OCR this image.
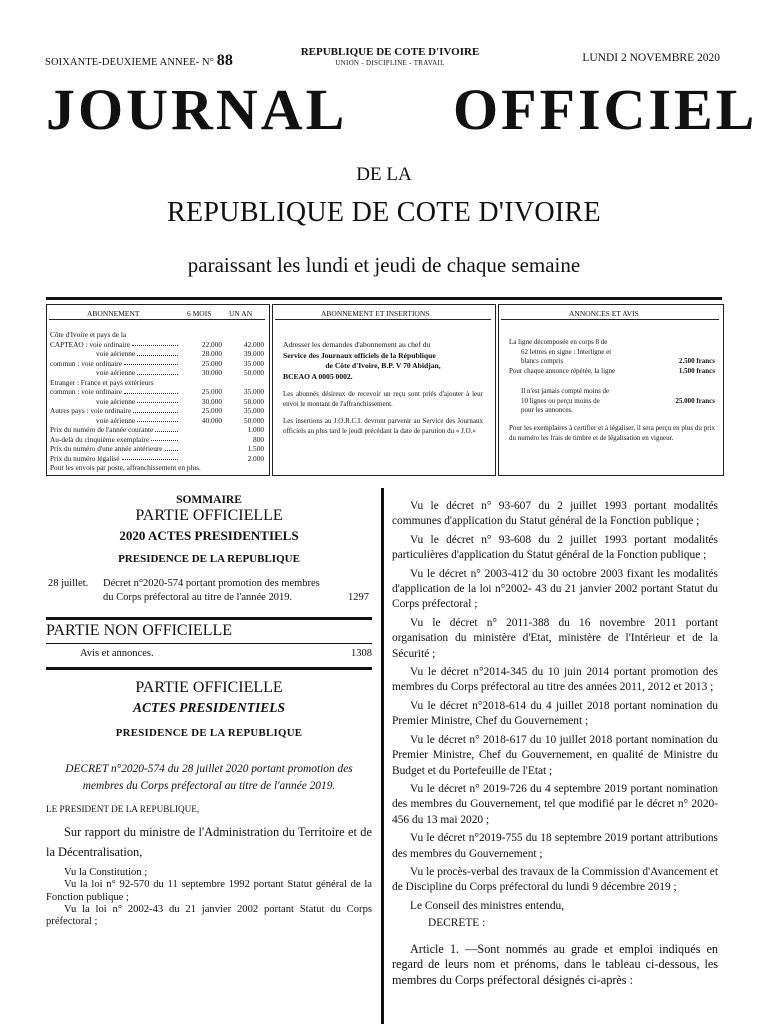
SOIXANTE-DEUXIEME ANNEE- N° 88	REPUBLIQUE DE COTE D'IVOIRE
UNION - DISCIPLINE - TRAVAIL	LUNDI 2 NOVEMBRE 2020
JOURNAL OFFICIEL
DE LA
REPUBLIQUE DE COTE D'IVOIRE
paraissant les lundi et jeudi de chaque semaine
ABONNEMENT	6 MOIS UN AN
Côte d'Ivoire et pays de la
CAPTEAO : voie ordinaire	22.000	42.000
voie aérienne	28.000	39.000
commun : voie ordinaire	25.000	35.000
voie aérienne	30.000	50.000
Etranger : France et pays extérieurs
commun : voie ordinaire	25.000	35.000
voie aérienne	30.000	50.000
Autres pays : voie ordinaire	25.000	35.000
voie aérienne	40.000	50.000
Prix du numéro de l'année courante	1.000
Au-delà du cinquième exemplaire	800
Prix du numéro d'une année antérieure	1.500
Prix du numéro légalisé	2.000
Pour les envois par poste, affranchissement en plus.
ABONNEMENT ET INSERTIONS
Adresser les demandes d'abonnement au chef du
Service des Journaux officiels de la République
de Côte d'Ivoire, B.P. V 70 Abidjan,
BCEAO A 0005 0002.
Les abonnés désireux de recevoir un reçu sont priés d'ajouter à leur envoi le montant de l'affranchissement.
Les insertions au J.O.R.C.I. devront parvenir au Service des Journaux officiels au plus tard le jeudi précédant la date de parution du « J.O.»
ANNONCES ET AVIS
La ligne décomposée en corps 8 de
62 lettres en signe : Interligne et
blancs compris	2.500 francs
Pour chaque annonce répétée, la ligne	1.500 francs
Il n'est jamais compté moins de
10 lignes ou perçu moins de	25.000 francs
pour les annonces.
Pour les exemplaires à certifier et à légaliser, il sera perçu en plus du prix du numéro les frais de timbre et de légalisation en vigueur.
SOMMAIRE
PARTIE OFFICIELLE
2020 ACTES PRESIDENTIELS
PRESIDENCE DE LA REPUBLIQUE
28 juillet. Décret n°2020-574 portant promotion des membres
du Corps préfectoral au titre de l'année 2019.	1297
PARTIE NON OFFICIELLE
Avis et annonces.	1308
PARTIE OFFICIELLE
ACTES PRESIDENTIELS
PRESIDENCE DE LA REPUBLIQUE
DECRET n°2020-574 du 28 juillet 2020 portant promotion des membres du Corps préfectoral au titre de l'année 2019.
LE PRESIDENT DE LA REPUBLIQUE,
Sur rapport du ministre de l'Administration du Territoire et de la Décentralisation,
Vu la Constitution ;
Vu la loi n° 92-570 du 11 septembre 1992 portant Statut général de la Fonction publique ;
Vu la loi n° 2002-43 du 21 janvier 2002 portant Statut du Corps préfectoral ;
Vu le décret n° 93-607 du 2 juillet 1993 portant modalités communes d'application du Statut général de la Fonction publique ;
Vu le décret n° 93-608 du 2 juillet 1993 portant modalités particulières d'application du Statut général de la Fonction publique ;
Vu le décret n° 2003-412 du 30 octobre 2003 fixant les modalités d'application de la loi n°2002- 43 du 21 janvier 2002 portant Statut du Corps préfectoral ;
Vu le décret n° 2011-388 du 16 novembre 2011 portant organisation du ministère d'Etat, ministère de l'Intérieur et de la Sécurité ;
Vu le décret n°2014-345 du 10 juin 2014 portant promotion des membres du Corps préfectoral au titre des années 2011, 2012 et 2013 ;
Vu le décret n°2018-614 du 4 juillet 2018 portant nomination du Premier Ministre, Chef du Gouvernement ;
Vu le décret n° 2018-617 du 10 juillet 2018 portant nomination du Premier Ministre, Chef du Gouvernement, en qualité de Ministre du Budget et du Portefeuille de l'Etat ;
Vu le décret n° 2019-726 du 4 septembre 2019 portant nomination des membres du Gouvernement, tel que modifié par le décret n° 2020-456 du 13 mai 2020 ;
Vu le décret n°2019-755 du 18 septembre 2019 portant attributions des membres du Gouvernement ;
Vu le procès-verbal des travaux de la Commission d'Avancement et de Discipline du Corps préfectoral du lundi 9 décembre 2019 ;
Le Conseil des ministres entendu,
DECRETE :
Article 1. —Sont nommés au grade et emploi indiqués en regard de leurs nom et prénoms, dans le tableau ci-dessous, les membres du Corps préfectoral désignés ci-après :
